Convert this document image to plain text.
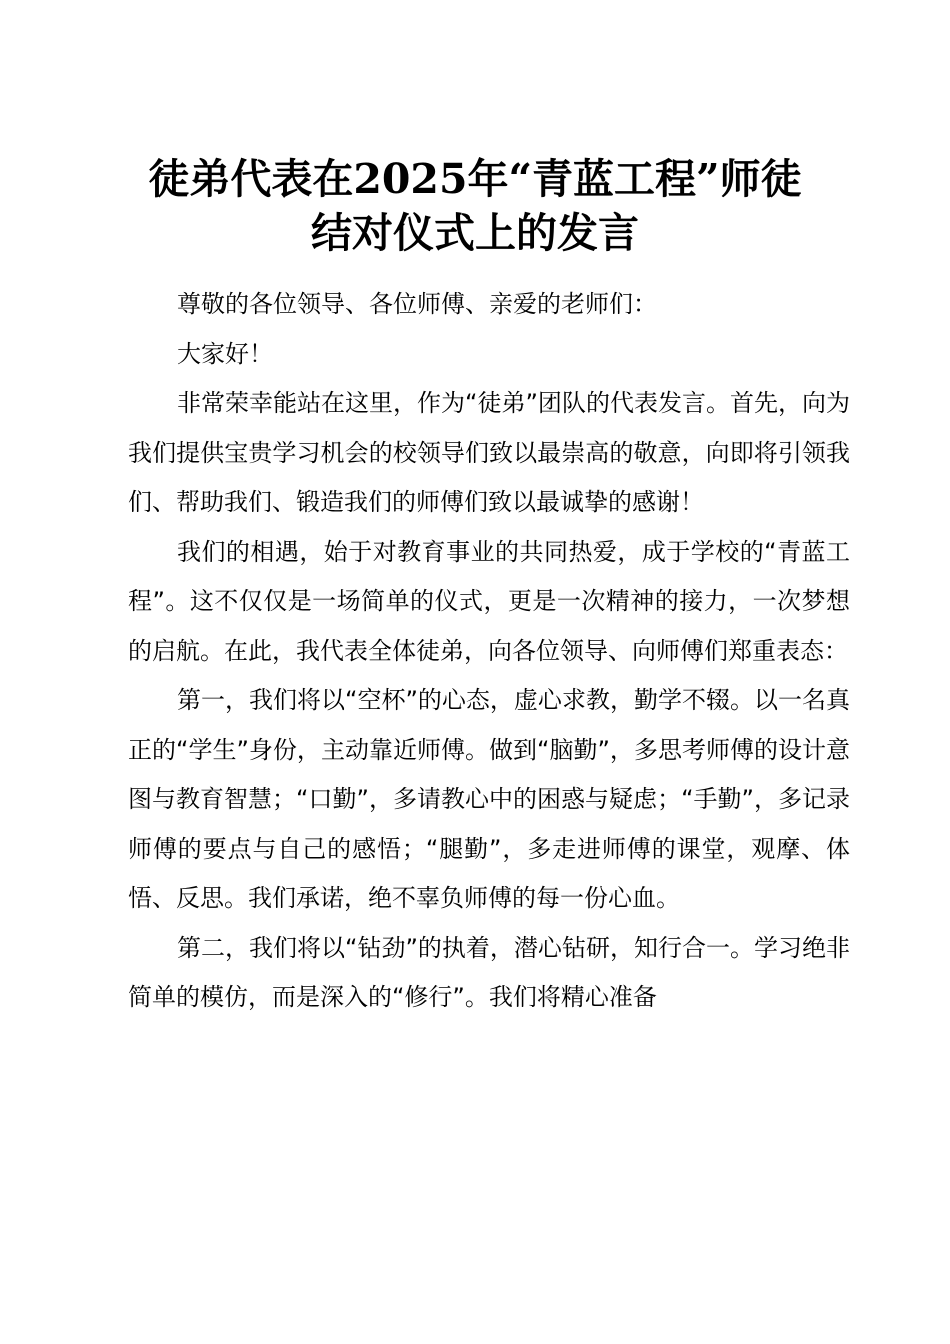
徒弟代表在2025年“青蓝工程”师徒
结对仪式上的发言

尊敬的各位领导、各位师傅、亲爱的老师们：

大家好！

非常荣幸能站在这里，作为“徒弟”团队的代表发言。首先，向为我们提供宝贵学习机会的校领导们致以最崇高的敬意，向即将引领我们、帮助我们、锻造我们的师傅们致以最诚挚的感谢！

我们的相遇，始于对教育事业的共同热爱，成于学校的“青蓝工程”。这不仅仅是一场简单的仪式，更是一次精神的接力，一次梦想的启航。在此，我代表全体徒弟，向各位领导、向师傅们郑重表态：

第一，我们将以“空杯”的心态，虚心求教，勤学不辍。以一名真正的“学生”身份，主动靠近师傅。做到“脑勤”，多思考师傅的设计意图与教育智慧；“口勤”，多请教心中的困惑与疑虑；“手勤”，多记录师傅的要点与自己的感悟；“腿勤”，多走进师傅的课堂，观摩、体悟、反思。我们承诺，绝不辜负师傅的每一份心血。

第二，我们将以“钻劲”的执着，潜心钻研，知行合一。学习绝非简单的模仿，而是深入的“修行”。我们将精心准备
